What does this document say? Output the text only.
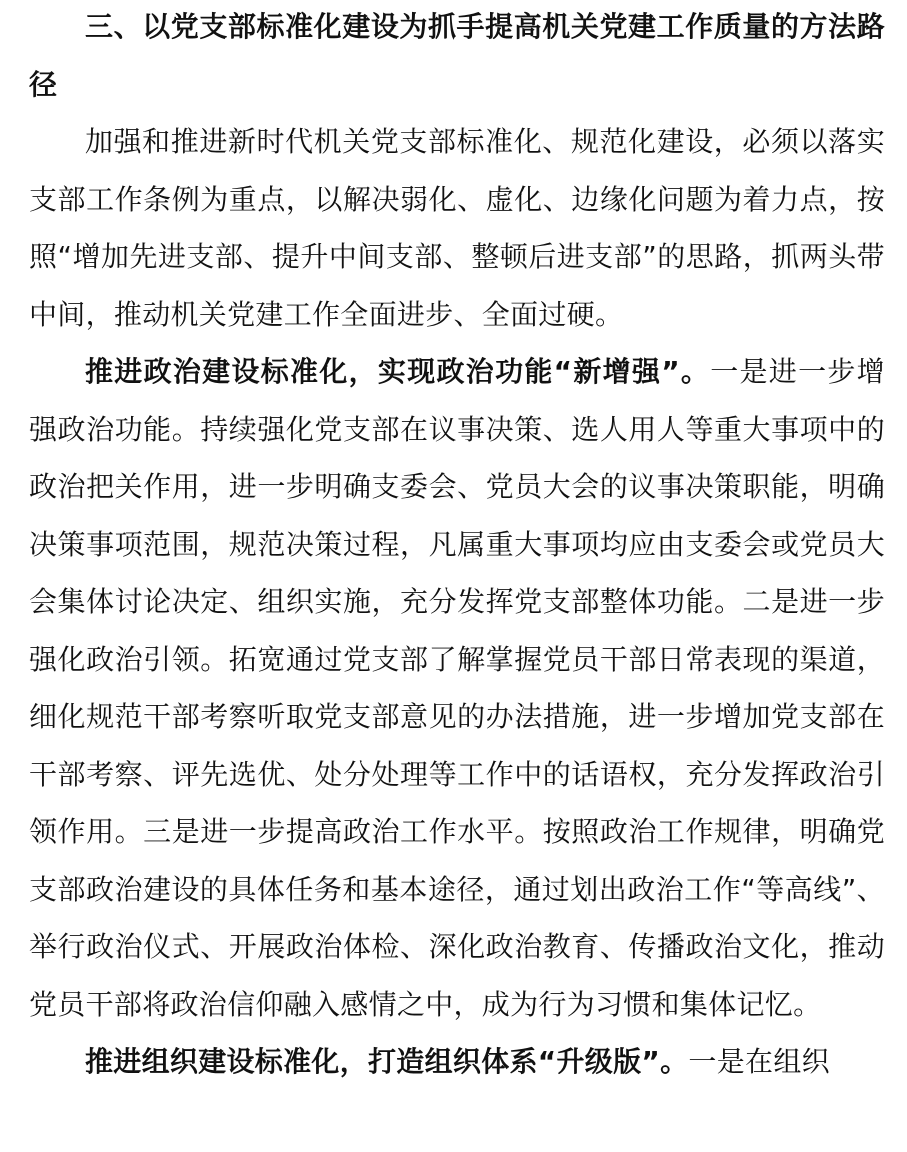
三、以党支部标准化建设为抓手提高机关党建工作质量的方法路径

加强和推进新时代机关党支部标准化、规范化建设，必须以落实支部工作条例为重点，以解决弱化、虚化、边缘化问题为着力点，按照“增加先进支部、提升中间支部、整顿后进支部”的思路，抓两头带中间，推动机关党建工作全面进步、全面过硬。

推进政治建设标准化，实现政治功能“新增强”。一是进一步增强政治功能。持续强化党支部在议事决策、选人用人等重大事项中的政治把关作用，进一步明确支委会、党员大会的议事决策职能，明确决策事项范围，规范决策过程，凡属重大事项均应由支委会或党员大会集体讨论决定、组织实施，充分发挥党支部整体功能。二是进一步强化政治引领。拓宽通过党支部了解掌握党员干部日常表现的渠道，细化规范干部考察听取党支部意见的办法措施，进一步增加党支部在干部考察、评先选优、处分处理等工作中的话语权，充分发挥政治引领作用。三是进一步提高政治工作水平。按照政治工作规律，明确党支部政治建设的具体任务和基本途径，通过划出政治工作“等高线”、举行政治仪式、开展政治体检、深化政治教育、传播政治文化，推动党员干部将政治信仰融入感情之中，成为行为习惯和集体记忆。

推进组织建设标准化，打造组织体系“升级版”。一是在组织
